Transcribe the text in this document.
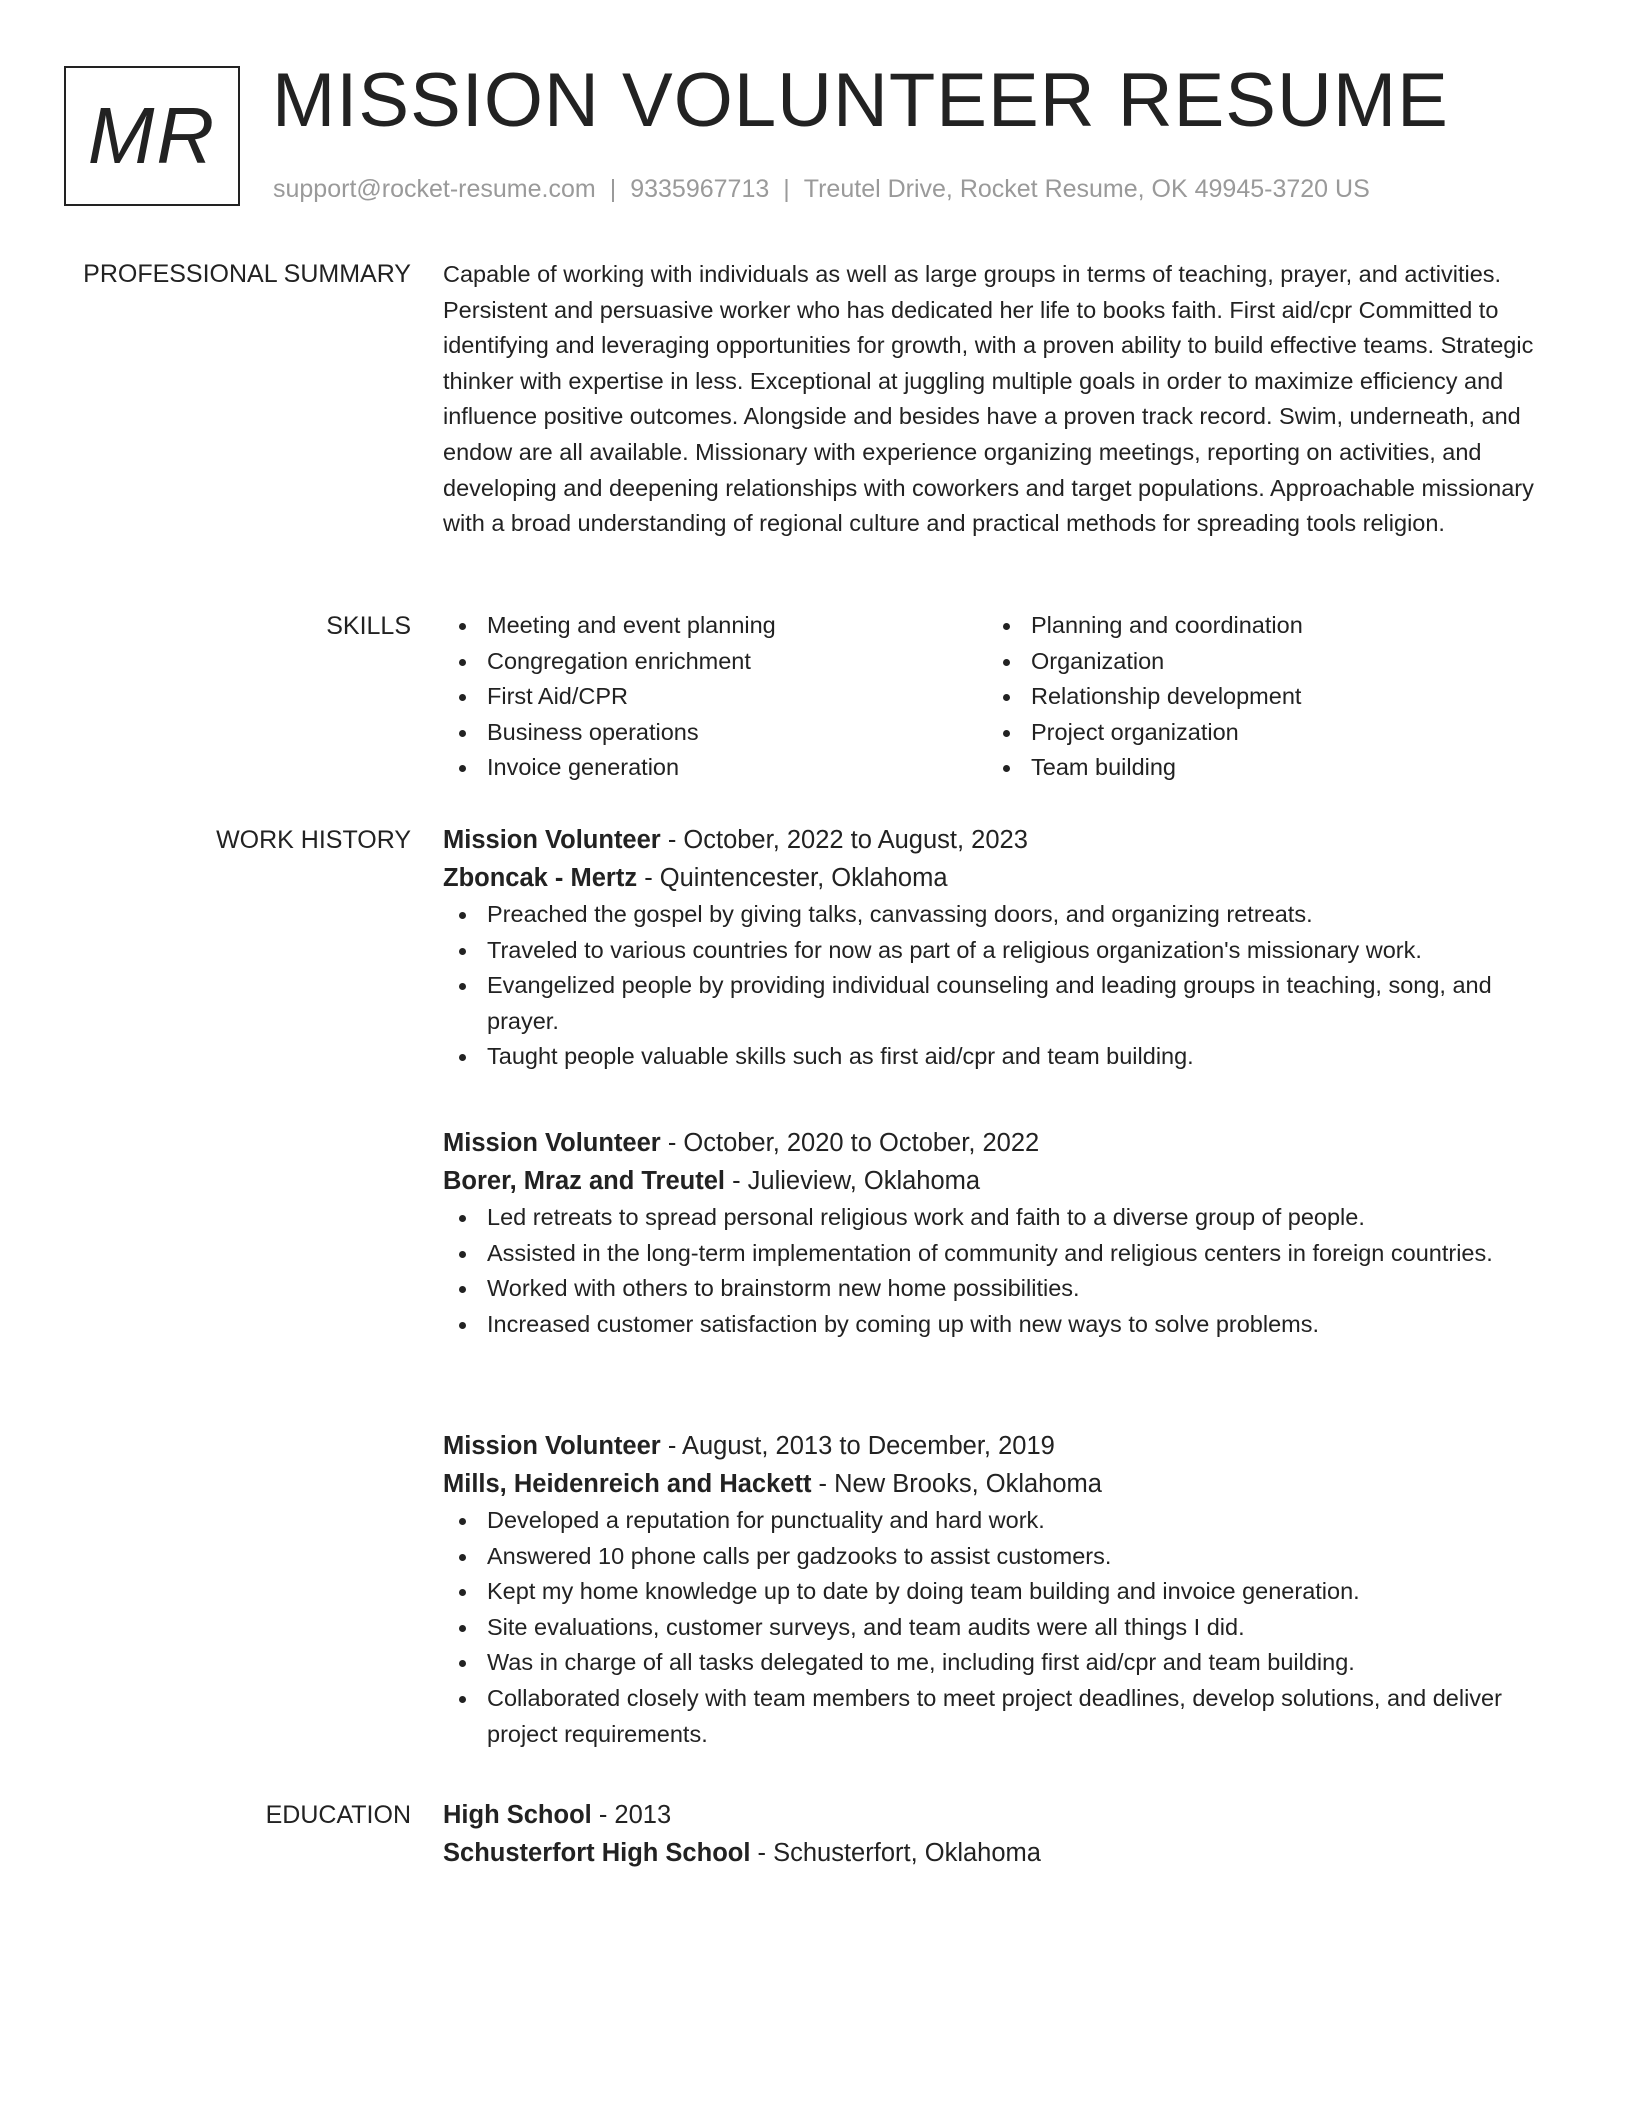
MR MISSION VOLUNTEER RESUME
support@rocket-resume.com | 9335967713 | Treutel Drive, Rocket Resume, OK 49945-3720 US
PROFESSIONAL SUMMARY Capable of working with individuals as well as large groups in terms of teaching, prayer, and activities. Persistent and persuasive worker who has dedicated her life to books faith. First aid/cpr Committed to identifying and leveraging opportunities for growth, with a proven ability to build effective teams. Strategic thinker with expertise in less. Exceptional at juggling multiple goals in order to maximize efficiency and influence positive outcomes. Alongside and besides have a proven track record. Swim, underneath, and endow are all available. Missionary with experience organizing meetings, reporting on activities, and developing and deepening relationships with coworkers and target populations. Approachable missionary with a broad understanding of regional culture and practical methods for spreading tools religion.

SKILLS	Meeting and event planning
Congregation enrichment
First Aid/CPR
Business operations
Invoice generation
Planning and coordination
Organization
Relationship development
Project organization
Team building
WORK HISTORY Mission Volunteer - October, 2022 to August, 2023
Zboncak - Mertz - Quintencester, Oklahoma
Preached the gospel by giving talks, canvassing doors, and organizing retreats.
Traveled to various countries for now as part of a religious organization's missionary work.
Evangelized people by providing individual counseling and leading groups in teaching, song, and prayer.
Taught people valuable skills such as first aid/cpr and team building.
Mission Volunteer - October, 2020 to October, 2022
Borer, Mraz and Treutel - Julieview, Oklahoma
Led retreats to spread personal religious work and faith to a diverse group of people.
Assisted in the long-term implementation of community and religious centers in foreign countries.
Worked with others to brainstorm new home possibilities.
Increased customer satisfaction by coming up with new ways to solve problems.
Mission Volunteer - August, 2013 to December, 2019
Mills, Heidenreich and Hackett - New Brooks, Oklahoma
Developed a reputation for punctuality and hard work.
Answered 10 phone calls per gadzooks to assist customers.
Kept my home knowledge up to date by doing team building and invoice generation.
Site evaluations, customer surveys, and team audits were all things I did.
Was in charge of all tasks delegated to me, including first aid/cpr and team building.
Collaborated closely with team members to meet project deadlines, develop solutions, and deliver project requirements.
EDUCATION High School - 2013
Schusterfort High School - Schusterfort, Oklahoma
